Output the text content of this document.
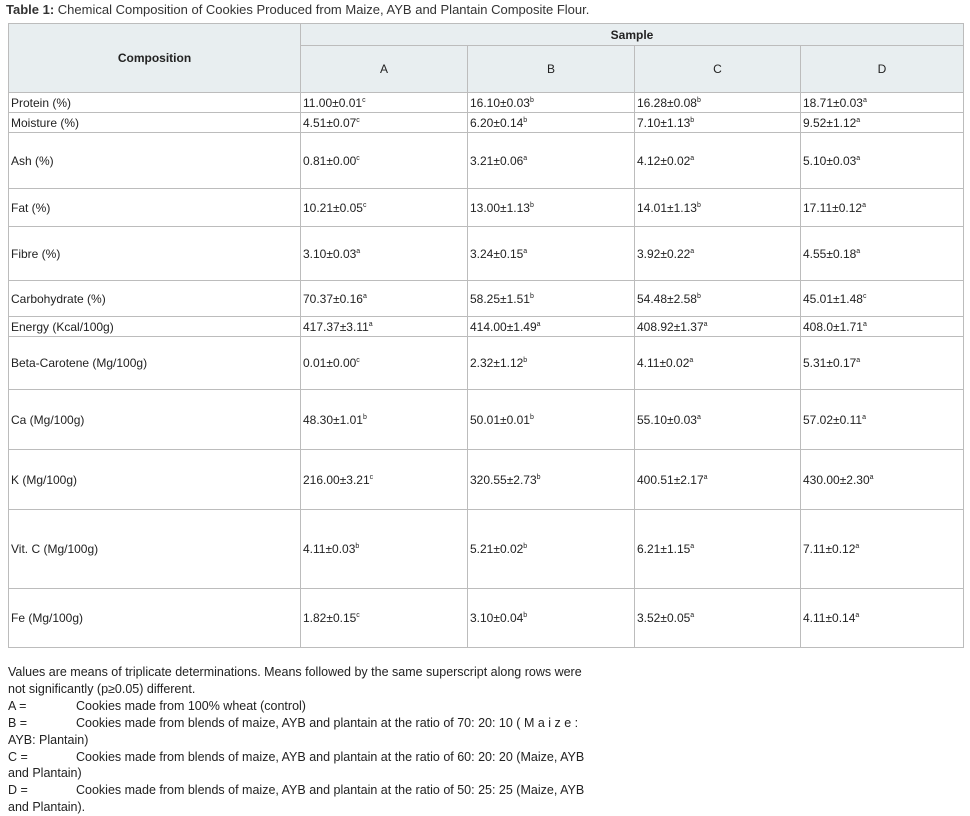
Table 1: Chemical Composition of Cookies Produced from Maize, AYB and Plantain Composite Flour.
Composition	Sample			
	A	B	C	D
Protein (%)	11.00±0.01$^c$	16.10±0.03$^b$	16.28±0.08$^b$	18.71±0.03$^a$
Moisture (%)	4.51±0.07$^c$	6.20±0.14$^b$	7.10±1.13$^b$	9.52±1.12$^a$
Ash (%)	0.81±0.00$^c$	3.21±0.06$^a$	4.12±0.02$^a$	5.10±0.03$^a$
Fat (%)	10.21±0.05$^c$	13.00±1.13$^b$	14.01±1.13$^b$	17.11±0.12$^a$
Fibre (%)	3.10±0.03$^a$	3.24±0.15$^a$	3.92±0.22$^a$	4.55±0.18$^a$
Carbohydrate (%)	70.37±0.16$^a$	58.25±1.51$^b$	54.48±2.58$^b$	45.01±1.48$^c$
Energy (Kcal/100g)	417.37±3.11$^a$	414.00±1.49$^a$	408.92±1.37$^a$	408.0±1.71$^a$
Beta-Carotene (Mg/100g)	0.01±0.00$^c$	2.32±1.12$^b$	4.11±0.02$^a$	5.31±0.17$^a$
Ca (Mg/100g)	48.30±1.01$^b$	50.01±0.01$^b$	55.10±0.03$^a$	57.02±0.11$^a$
K (Mg/100g)	216.00±3.21$^c$	320.55±2.73$^b$	400.51±2.17$^a$	430.00±2.30$^a$
Vit. C (Mg/100g)	4.11±0.03$^b$	5.21±0.02$^b$	6.21±1.15$^a$	7.11±0.12$^a$
Fe (Mg/100g)	1.82±0.15$^c$	3.10±0.04$^b$	3.52±0.05$^a$	4.11±0.14$^a$
Values are means of triplicate determinations. Means followed by the same superscript along rows were
not significantly (p≥0.05) different.
A =	Cookies made from 100% wheat (control)
B =	Cookies made from blends of maize, AYB and plantain at the ratio of 70: 20: 10 ( M a i z e :
AYB: Plantain)
C =	Cookies made from blends of maize, AYB and plantain at the ratio of 60: 20: 20 (Maize, AYB
and Plantain)
D =	Cookies made from blends of maize, AYB and plantain at the ratio of 50: 25: 25 (Maize, AYB
and Plantain).
